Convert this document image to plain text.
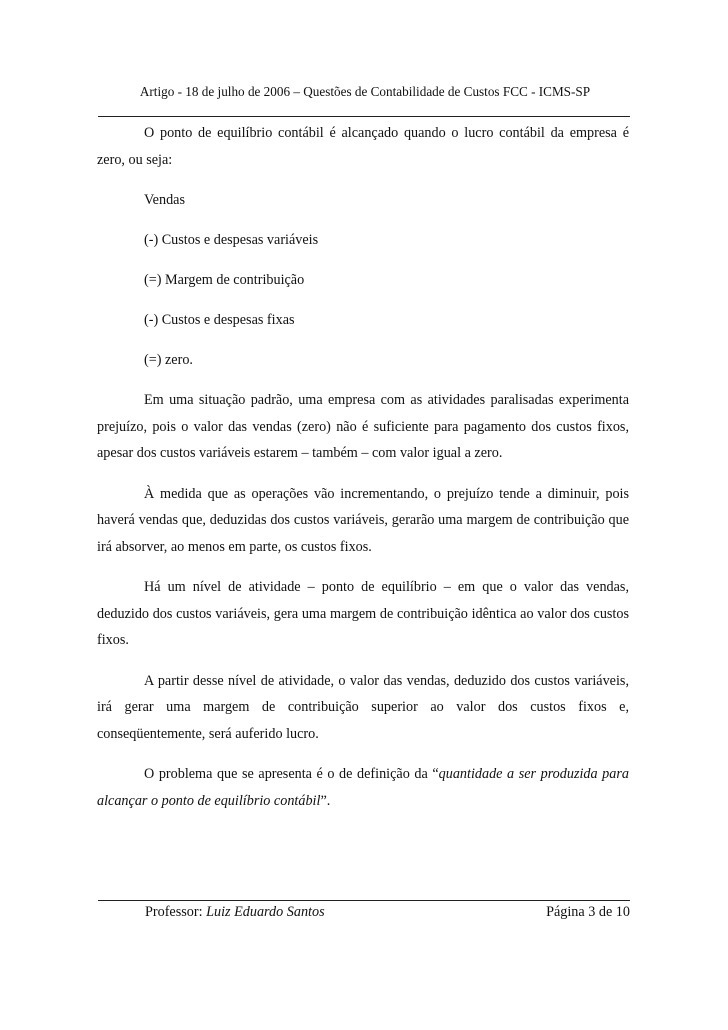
Artigo - 18 de julho de 2006 – Questões de Contabilidade de Custos FCC - ICMS-SP

O ponto de equilíbrio contábil é alcançado quando o lucro contábil da empresa é zero, ou seja:

Vendas
(-) Custos e despesas variáveis
(=) Margem de contribuição
(-) Custos e despesas fixas
(=) zero.

Em uma situação padrão, uma empresa com as atividades paralisadas experimenta prejuízo, pois o valor das vendas (zero) não é suficiente para pagamento dos custos fixos, apesar dos custos variáveis estarem – também – com valor igual a zero.

À medida que as operações vão incrementando, o prejuízo tende a diminuir, pois haverá vendas que, deduzidas dos custos variáveis, gerarão uma margem de contribuição que irá absorver, ao menos em parte, os custos fixos.

Há um nível de atividade – ponto de equilíbrio – em que o valor das vendas, deduzido dos custos variáveis, gera uma margem de contribuição idêntica ao valor dos custos fixos.

A partir desse nível de atividade, o valor das vendas, deduzido dos custos variáveis, irá gerar uma margem de contribuição superior ao valor dos custos fixos e, conseqüentemente, será auferido lucro.

O problema que se apresenta é o de definição da “quantidade a ser produzida para alcançar o ponto de equilíbrio contábil”.

Professor: Luiz Eduardo Santos	Página 3 de 10
